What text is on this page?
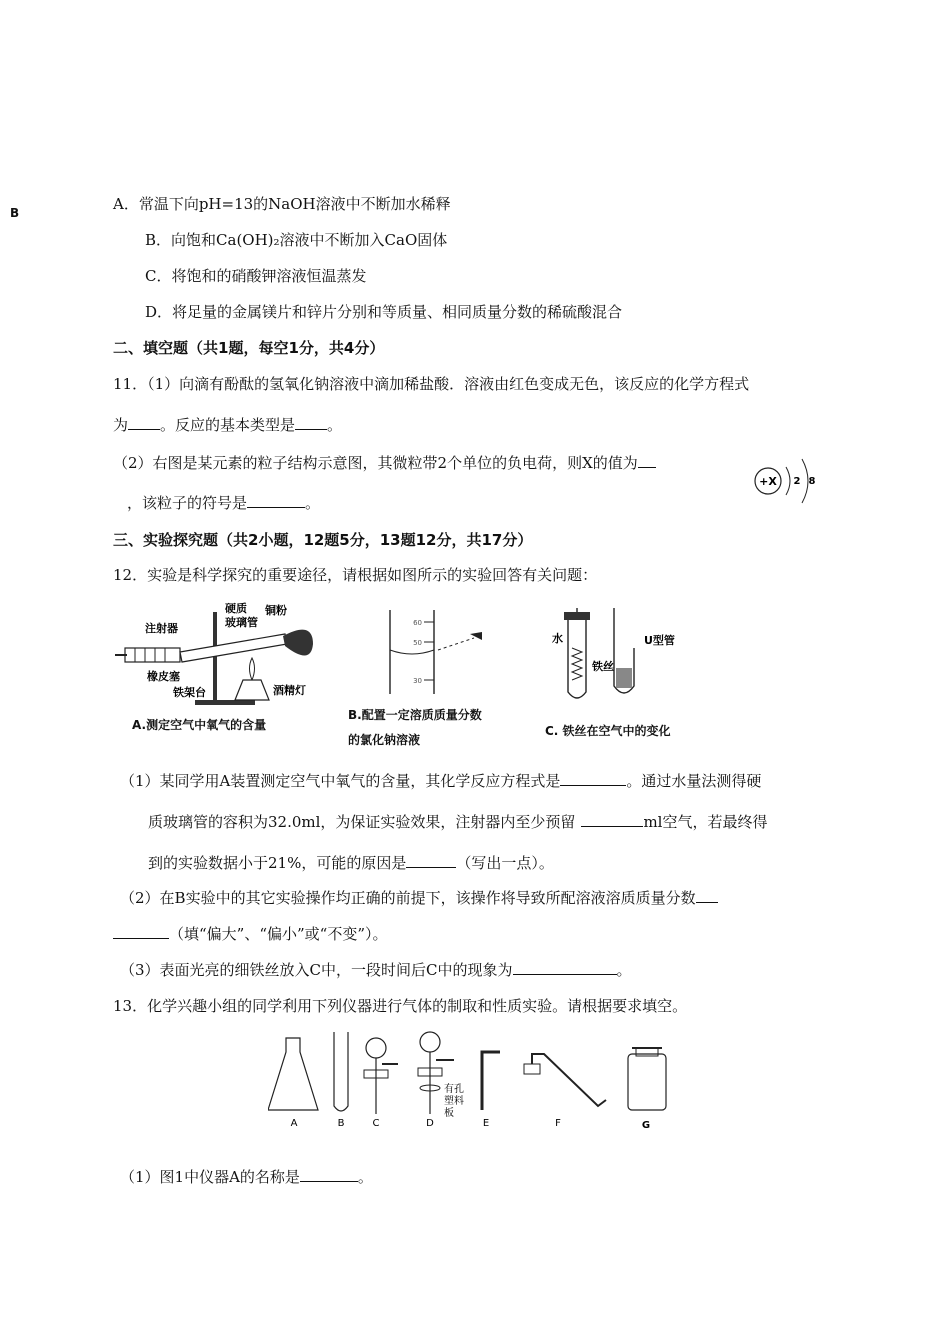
B	A．常温下向pH=13的NaOH溶液中不断加水稀释
B．向饱和Ca(OH)₂溶液中不断加入CaO固体
C．将饱和的硝酸钾溶液恒温蒸发
D．将足量的金属镁片和锌片分别和等质量、相同质量分数的稀硫酸混合
二、填空题（共1题，每空1分，共4分）
11．（1）向滴有酚酞的氢氧化钠溶液中滴加稀盐酸．溶液由红色变成无色，该反应的化学方程式
为 。反应的基本类型是 。
（2）右图是某元素的粒子结构示意图，其微粒带2个单位的负电荷，则X的值为
，该粒子的符号是	。
+X 2 8
三、实验探究题（共2小题，12题5分，13题12分，共17分）
12．实验是科学探究的重要途径，请根据如图所示的实验回答有关问题：
注射器
硬质
玻璃管
铜粉
橡皮塞
铁架台	酒精灯
A.测定空气中氧气的含量
60
50
30
B.配置一定溶质质量分数
的氯化钠溶液
水
铁丝
U型管
C. 铁丝在空气中的变化
（1）某同学用A装置测定空气中氧气的含量，其化学反应方程式是	。通过水量法测得硬
质玻璃管的容积为32.0ml，为保证实验效果，注射器内至少预留	ml空气，若最终得
到的实验数据小于21%，可能的原因是	（写出一点）。
（2）在B实验中的其它实验操作均正确的前提下，该操作将导致所配溶液溶质质量分数
（填“偏大”、“偏小”或“不变”）。
（3）表面光亮的细铁丝放入C中，一段时间后C中的现象为	。
13．化学兴趣小组的同学利用下列仪器进行气体的制取和性质实验。请根据要求填空。
有孔
塑料
板
A	B	C	D	E	F	G
（1）图1中仪器A的名称是	。
